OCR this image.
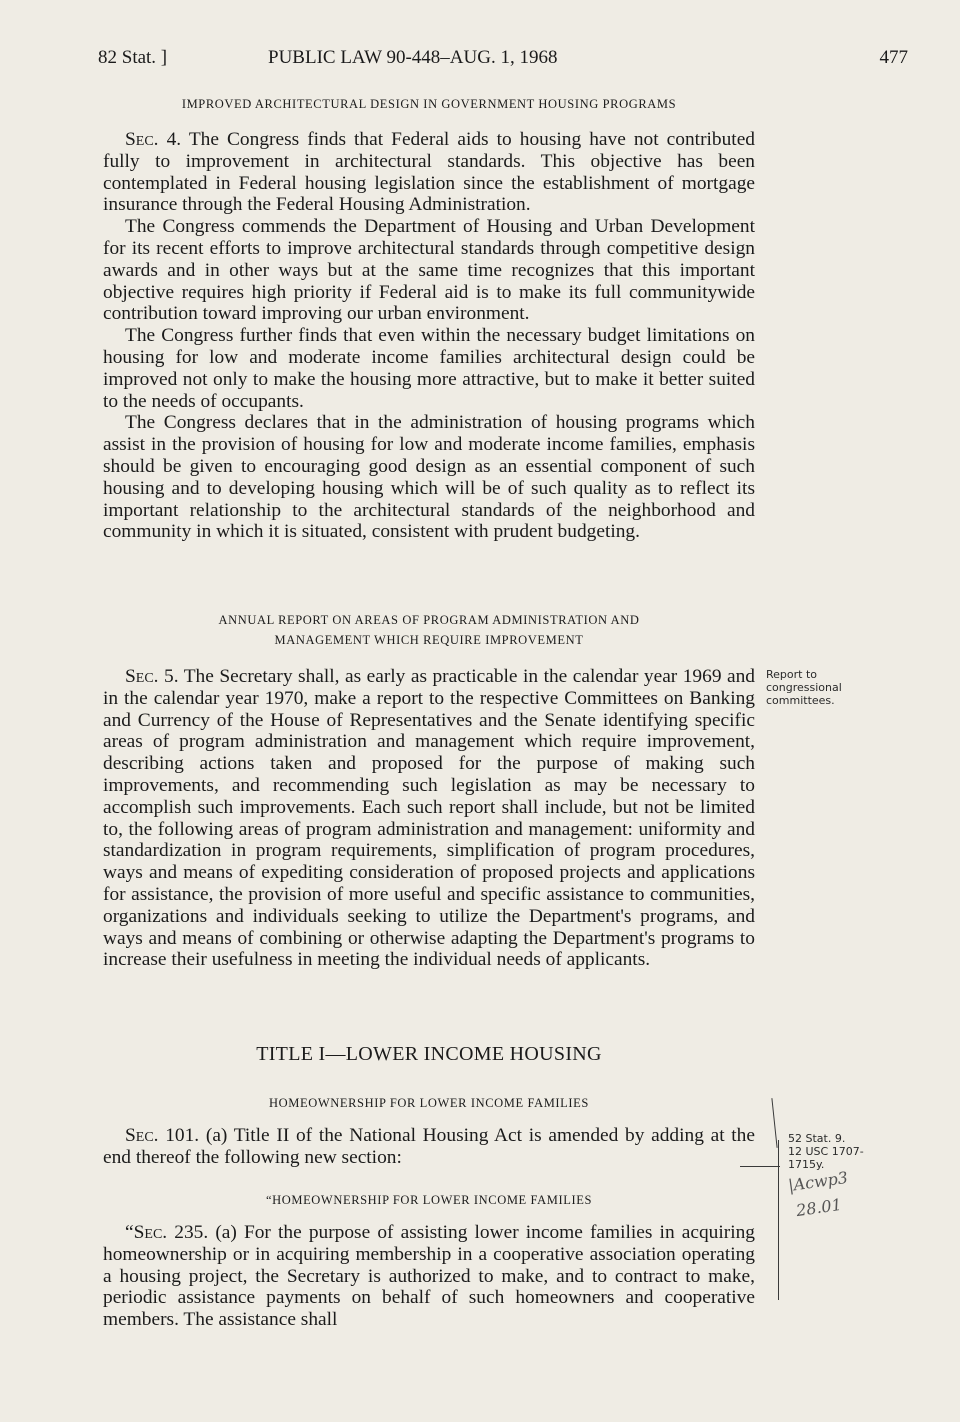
82 Stat. ]	PUBLIC LAW 90-448–AUG. 1, 1968	477

IMPROVED ARCHITECTURAL DESIGN IN GOVERNMENT HOUSING PROGRAMS

Sec. 4. The Congress finds that Federal aids to housing have not contributed fully to improvement in architectural standards. This objective has been contemplated in Federal housing legislation since the establishment of mortgage insurance through the Federal Housing Administration.

The Congress commends the Department of Housing and Urban Development for its recent efforts to improve architectural standards through competitive design awards and in other ways but at the same time recognizes that this important objective requires high priority if Federal aid is to make its full communitywide contribution toward improving our urban environment.

The Congress further finds that even within the necessary budget limitations on housing for low and moderate income families architectural design could be improved not only to make the housing more attractive, but to make it better suited to the needs of occupants.

The Congress declares that in the administration of housing programs which assist in the provision of housing for low and moderate income families, emphasis should be given to encouraging good design as an essential component of such housing and to developing housing which will be of such quality as to reflect its important relationship to the architectural standards of the neighborhood and community in which it is situated, consistent with prudent budgeting.

ANNUAL REPORT ON AREAS OF PROGRAM ADMINISTRATION AND

MANAGEMENT WHICH REQUIRE IMPROVEMENT

Sec. 5. The Secretary shall, as early as practicable in the calendar year 1969 and in the calendar year 1970, make a report to the respective Committees on Banking and Currency of the House of Representatives and the Senate identifying specific areas of program administration and management which require improvement, describing actions taken and proposed for the purpose of making such improvements, and recommending such legislation as may be necessary to accomplish such improvements. Each such report shall include, but not be limited to, the following areas of program administration and management: uniformity and standardization in program requirements, simplification of program procedures, ways and means of expediting consideration of proposed projects and applications for assistance, the provision of more useful and specific assistance to communities, organizations and individuals seeking to utilize the Department's programs, and ways and means of combining or otherwise adapting the Department's programs to increase their usefulness in meeting the individual needs of applicants.

Report to congressional committees.
TITLE I—LOWER INCOME HOUSING

HOMEOWNERSHIP FOR LOWER INCOME FAMILIES

Sec. 101. (a) Title II of the National Housing Act is amended by adding at the end thereof the following new section:

52 Stat. 9.
12 USC 1707-
1715y.
|Acwp3
28.01

“HOMEOWNERSHIP FOR LOWER INCOME FAMILIES

“Sec. 235. (a) For the purpose of assisting lower income families in acquiring homeownership or in acquiring membership in a cooperative association operating a housing project, the Secretary is authorized to make, and to contract to make, periodic assistance payments on behalf of such homeowners and cooperative members. The assistance shall
